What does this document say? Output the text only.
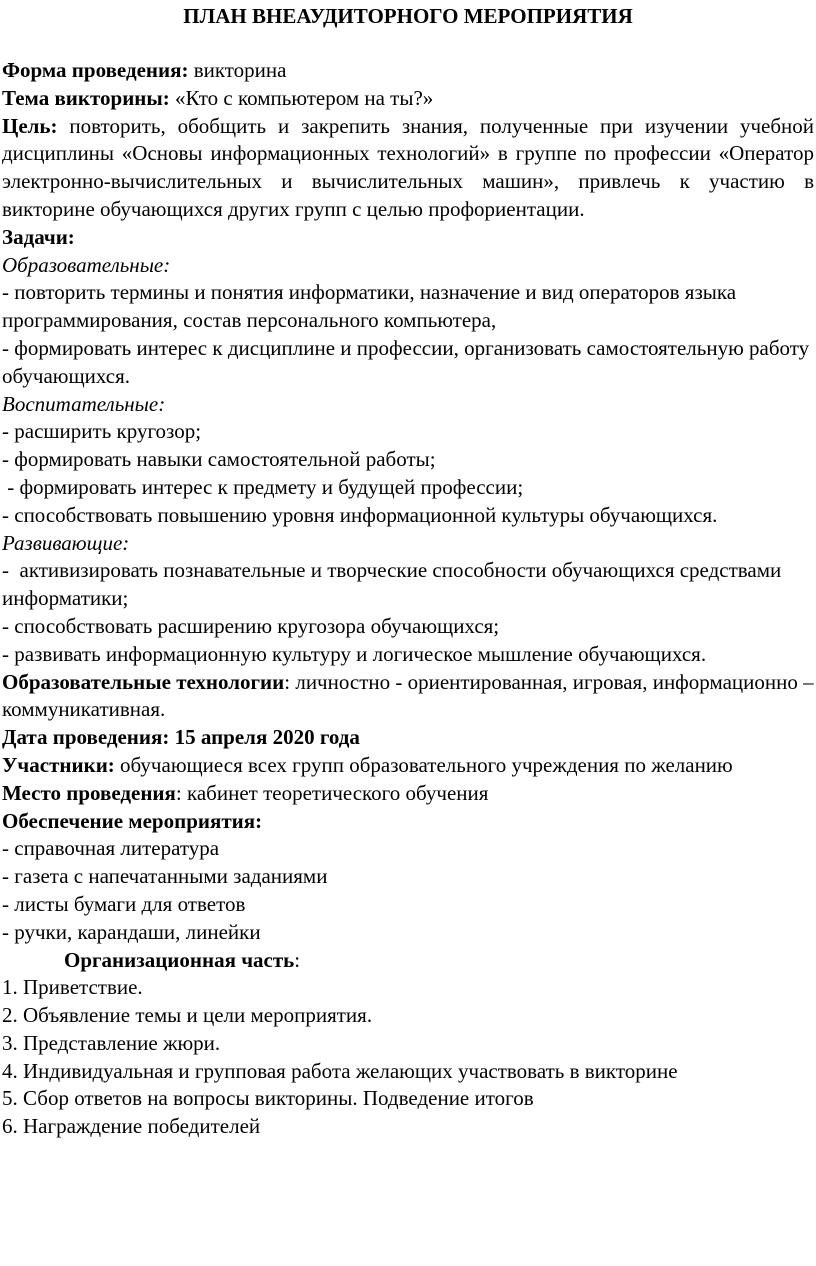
ПЛАН ВНЕАУДИТОРНОГО МЕРОПРИЯТИЯ

Форма проведения: викторина

Тема викторины: «Кто с компьютером на ты?»

Цель: повторить, обобщить и закрепить знания, полученные при изучении учебной дисциплины «Основы информационных технологий» в группе по профессии «Оператор электронно-вычислительных и вычислительных машин», привлечь к участию в викторине обучающихся других групп с целью профориентации.

Задачи:

Образовательные:

- повторить термины и понятия информатики, назначение и вид операторов языка программирования, состав персонального компьютера,

- формировать интерес к дисциплине и профессии, организовать самостоятельную работу обучающихся.

Воспитательные:

- расширить кругозор;

- формировать навыки самостоятельной работы;

- формировать интерес к предмету и будущей профессии;

- способствовать повышению уровня информационной культуры обучающихся.

Развивающие:

-  активизировать познавательные и творческие способности обучающихся средствами информатики;

- способствовать расширению кругозора обучающихся;

- развивать информационную культуру и логическое мышление обучающихся.

Образовательные технологии: личностно - ориентированная, игровая, информационно – коммуникативная.

Дата проведения: 15 апреля 2020 года

Участники: обучающиеся всех групп образовательного учреждения по желанию

Место проведения: кабинет теоретического обучения

Обеспечение мероприятия:

- справочная литература

- газета с напечатанными заданиями

- листы бумаги для ответов

- ручки, карандаши, линейки

Организационная часть:

1. Приветствие.
2. Объявление темы и цели мероприятия.
3. Представление жюри.
4. Индивидуальная и групповая работа желающих участвовать в викторине
5. Сбор ответов на вопросы викторины. Подведение итогов
6. Награждение победителей
